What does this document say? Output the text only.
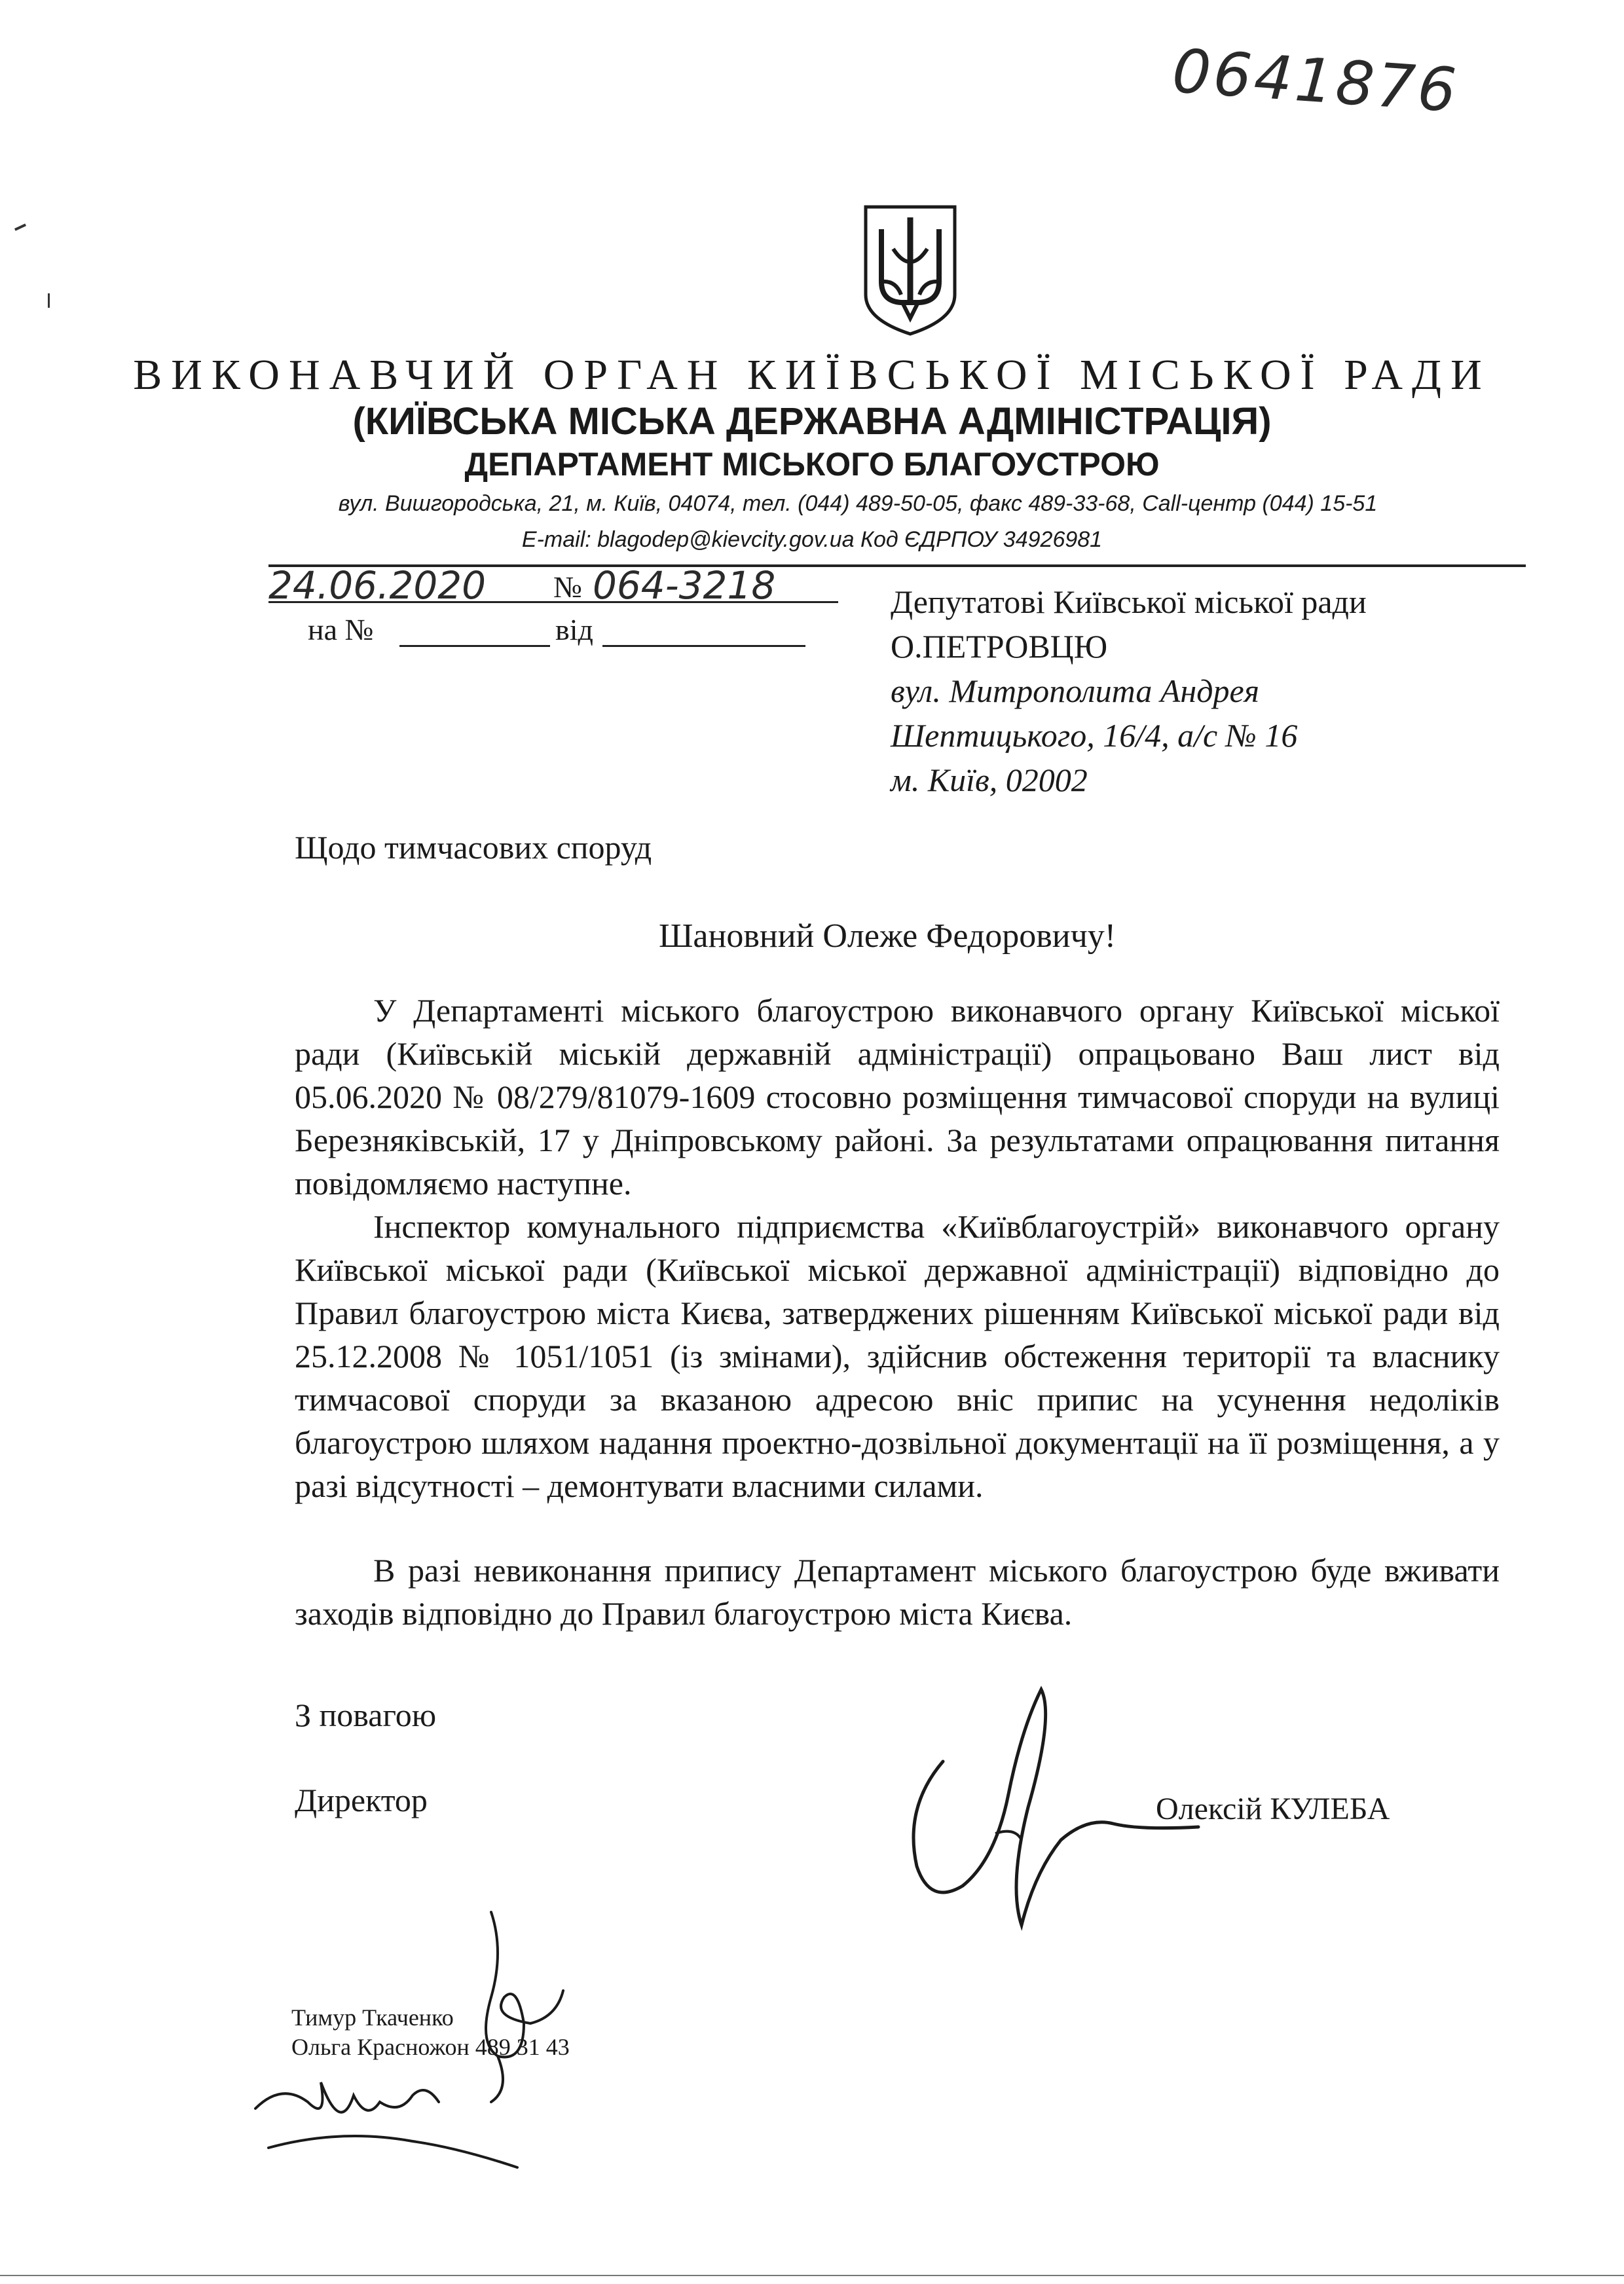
0641876
ВИКОНАВЧИЙ ОРГАН КИЇВСЬКОЇ МІСЬКОЇ РАДИ
(КИЇВСЬКА МІСЬКА ДЕРЖАВНА АДМІНІСТРАЦІЯ)
ДЕПАРТАМЕНТ МІСЬКОГО БЛАГОУСТРОЮ
вул. Вишгородська, 21, м. Київ, 04074, тел. (044) 489-50-05, факс 489-33-68, Call-центр (044) 15-51
E-mail: blagodep@kievcity.gov.ua Код ЄДРПОУ 34926981
24.06.2020 № 064-3218
на №	від
Депутатові Київської міської ради
О.ПЕТРОВЦЮ
вул. Митрополита Андрея
Шептицького, 16/4, а/с № 16
м. Київ, 02002
Щодо тимчасових споруд
Шановний Олеже Федоровичу!
У Департаменті міського благоустрою виконавчого органу Київської міської ради (Київській міській державній адміністрації) опрацьовано Ваш лист від 05.06.2020 № 08/279/81079-1609 стосовно розміщення тимчасової споруди на вулиці Березняківській, 17 у Дніпровському районі. За результатами опрацювання питання повідомляємо наступне.
Інспектор комунального підприємства «Київблагоустрій» виконавчого органу Київської міської ради (Київської міської державної адміністрації) відповідно до Правил благоустрою міста Києва, затверджених рішенням Київської міської ради від 25.12.2008 № 1051/1051 (із змінами), здійснив обстеження території та власнику тимчасової споруди за вказаною адресою вніс припис на усунення недоліків благоустрою шляхом надання проектно-дозвільної документації на її розміщення, а у разі відсутності – демонтувати власними силами.
В разі невиконання припису Департамент міського благоустрою буде вживати заходів відповідно до Правил благоустрою міста Києва.
З повагою
Директор	Олексій КУЛЕБА
Тимур Ткаченко
Ольга Красножон 489 31 43
